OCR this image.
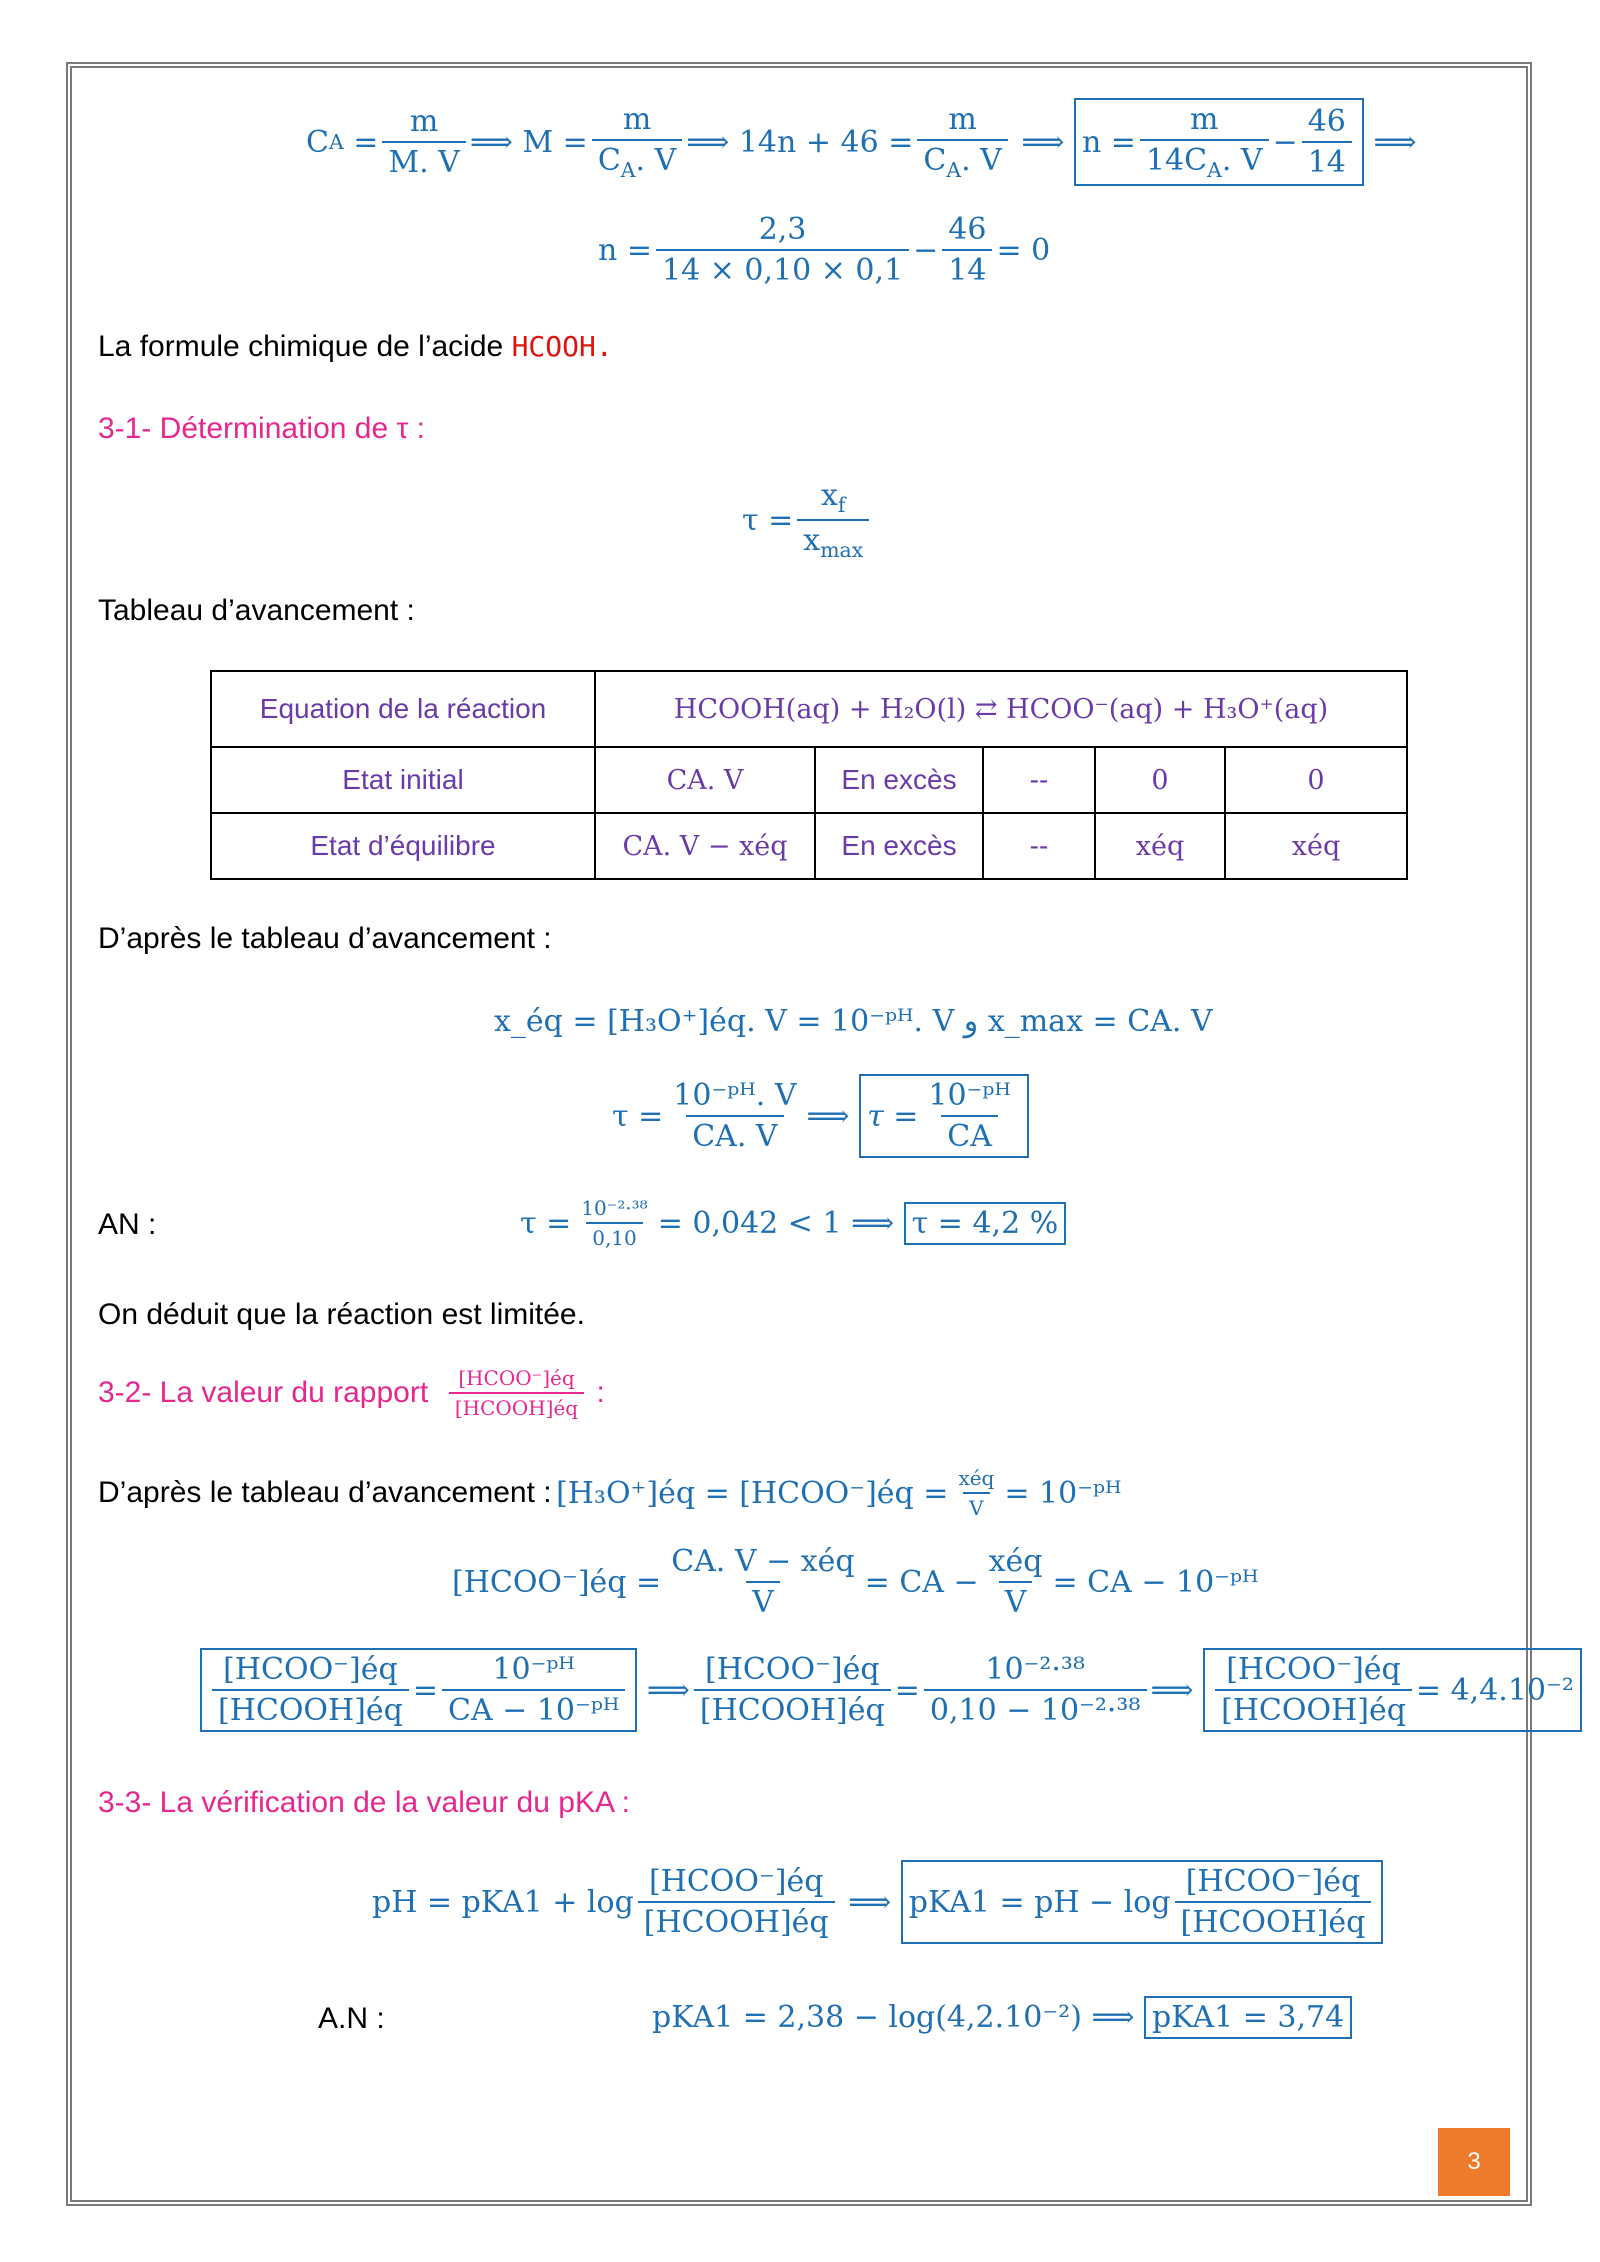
C A
= $\frac{m}{M. V}$ ⟹
$M = \frac{m}{C_A. V}$ ⟹
$14n + 46 = \frac{m}{C_A. V}$
⟹
$n = \frac{m}{14C_A. V} - \frac{46}{14}$
⟹
$n = \frac{2,3}{14 \times 0,10 \times 0,1} - \frac{46}{14} = 0$
La formule chimique de l’acide HCOOH.
3-1- Détermination de τ :
$\tau = \frac{x_f}{x_{max}}$
Tableau d’avancement :
Equation de la réaction	HCOOH(aq) + H₂O(l) ⇄ HCOO⁻(aq) + H₃O⁺(aq)				
Etat initial	CA. V	En excès	--	0	0
Etat d’équilibre	CA. V − xéq	En excès	--	xéq	xéq
D’après le tableau d’avancement :
x_éq = [H₃O⁺]éq. V = 10⁻ᵖᴴ. V و x_max = CA. V
$\tau = \frac{\text{10⁻ᵖᴴ. V}}{CA. V}$ ⟹
$\tau = \frac{\text{10⁻ᵖᴴ}}{CA}$
AN :	$\tau = \frac{\text{10⁻²·³⁸}}{0,10} = 0,042 < 1$ ⟹
τ = 4,2 %
On déduit que la réaction est limitée.
3-2- La valeur du rapport
$\frac{\text{[HCOO⁻]éq}}{\text{[HCOOH]éq}}$
:
D’après le tableau d’avancement :
[H₃O⁺]éq = [HCOO⁻]éq = $\frac{\text{xéq}}{V}$ = 10⁻ᵖᴴ
[HCOO⁻]éq = $\frac{\text{CA. V − xéq}}{V}$ = CA − $\frac{\text{xéq}}{V}$ = CA − 10⁻ᵖᴴ
$\frac{\text{[HCOO⁻]éq}}{\text{[HCOOH]éq}} = \frac{\text{10⁻ᵖᴴ}}{\text{CA − 10⁻ᵖᴴ}}$
⟹ $\frac{\text{[HCOO⁻]éq}}{\text{[HCOOH]éq}} = \frac{\text{10⁻²·³⁸}}{\text{0,10 − 10⁻²·³⁸}}$ ⟹
$\frac{\text{[HCOO⁻]éq}}{\text{[HCOOH]éq}} = 4,4.10^{-2}$
3-3- La vérification de la valeur du pKA :
pH = $pKA1 + \log \frac{\text{[HCOO⁻]éq}}{\text{[HCOOH]éq}}$
⟹
pKA1 = pH − $\log \frac{\text{[HCOO⁻]éq}}{\text{[HCOOH]éq}}$
A.N :	pKA1 = 2,38 − log(4,2.10⁻²) ⟹
pKA1 = 3,74
3
